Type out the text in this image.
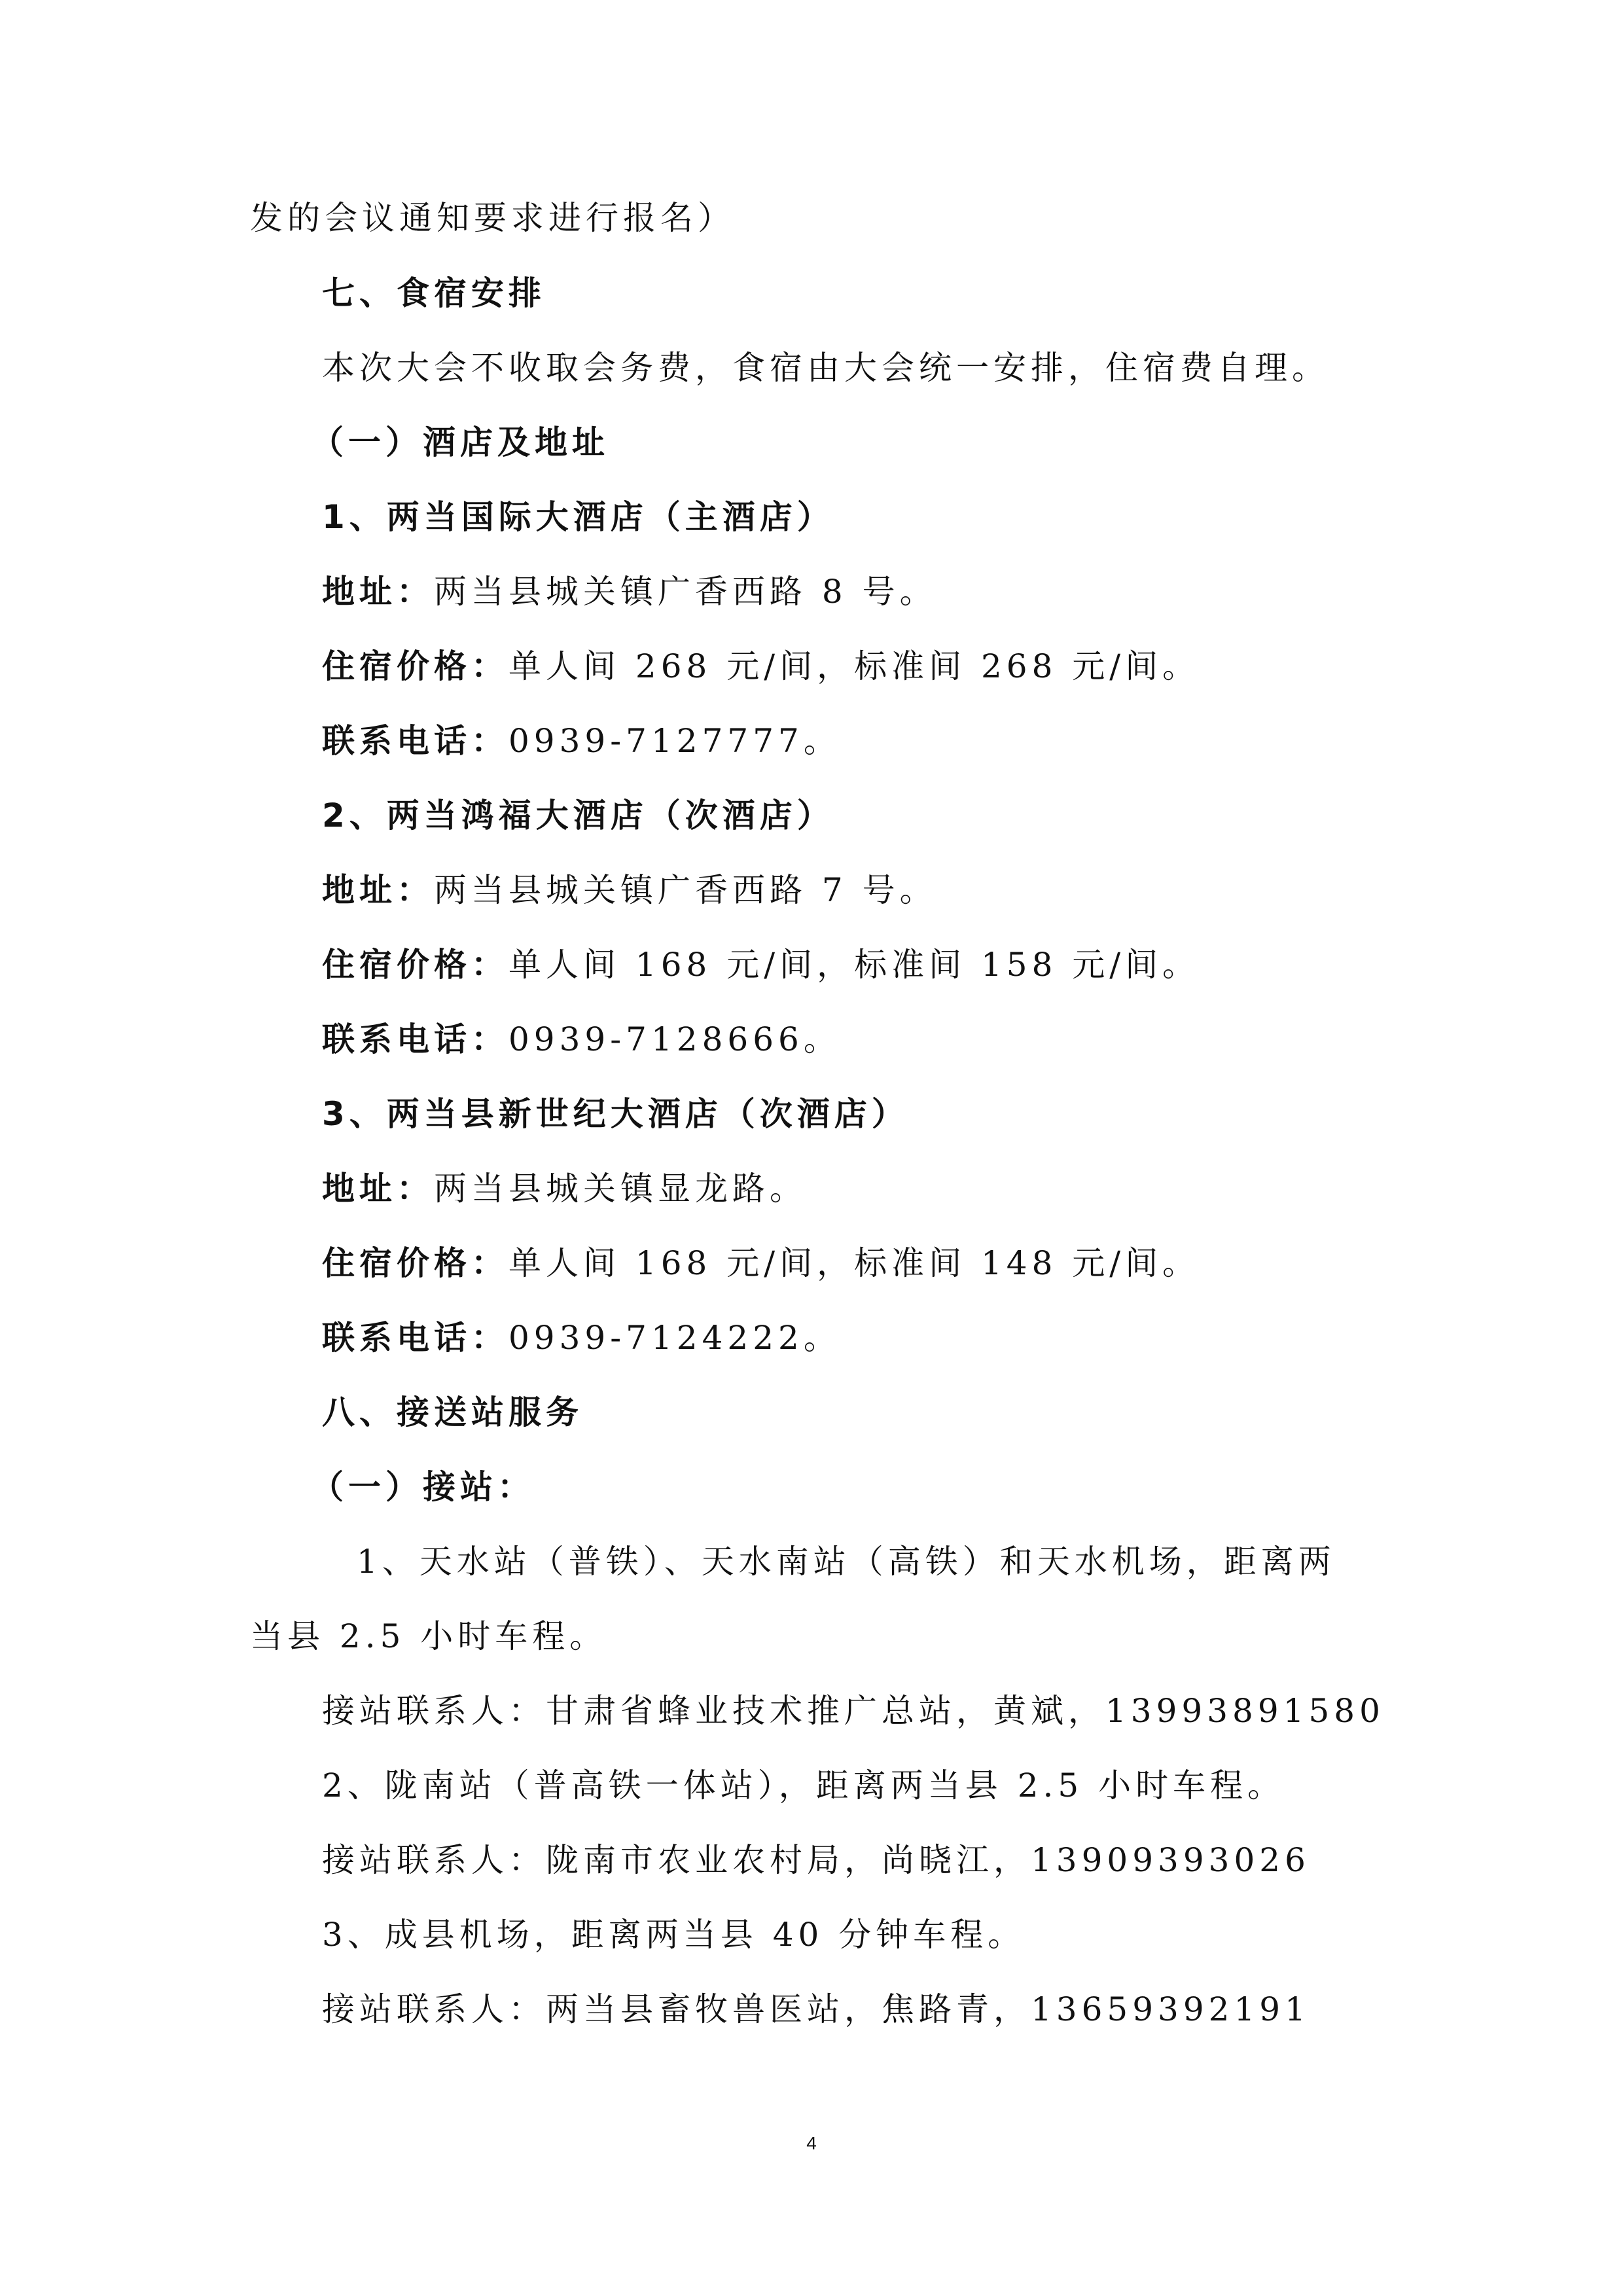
发的会议通知要求进行报名）
七、食宿安排
本次大会不收取会务费，食宿由大会统一安排，住宿费自理。
（一）酒店及地址
1、两当国际大酒店（主酒店）
地址：两当县城关镇广香西路 8 号。
住宿价格：单人间 268 元/间，标准间 268 元/间。
联系电话：0939-7127777。
2、两当鸿福大酒店（次酒店）
地址：两当县城关镇广香西路 7 号。
住宿价格：单人间 168 元/间，标准间 158 元/间。
联系电话：0939-7128666。
3、两当县新世纪大酒店（次酒店）
地址：两当县城关镇显龙路。
住宿价格：单人间 168 元/间，标准间 148 元/间。
联系电话：0939-7124222。
八、接送站服务
（一）接站：
1、天水站（普铁）、天水南站（高铁）和天水机场，距离两
当县 2.5 小时车程。
接站联系人：甘肃省蜂业技术推广总站，黄斌，13993891580
2、陇南站（普高铁一体站），距离两当县 2.5 小时车程。
接站联系人：陇南市农业农村局，尚晓江，13909393026
3、成县机场，距离两当县 40 分钟车程。
接站联系人：两当县畜牧兽医站，焦路青，13659392191
4
